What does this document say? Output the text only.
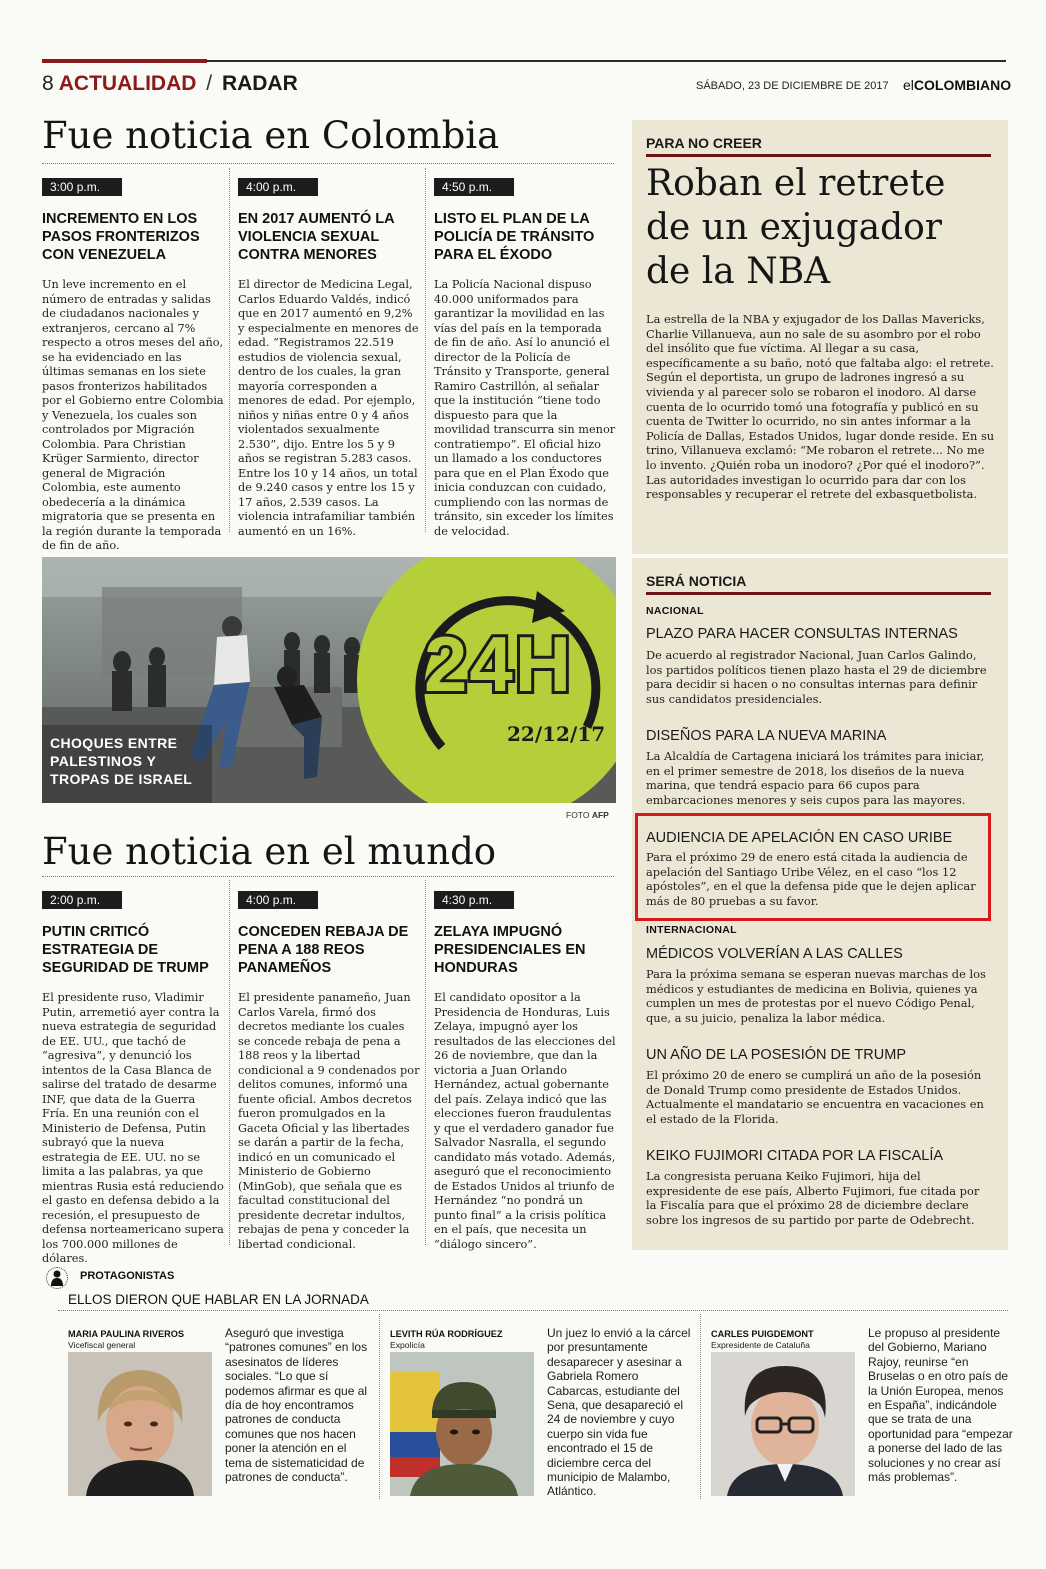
8 ACTUALIDAD / RADAR	SÁBADO, 23 DE DICIEMBRE DE 2017 elCOLOMBIANO
Fue noticia en Colombia
3:00 p.m.
INCREMENTO EN LOS PASOS FRONTERIZOS CON VENEZUELA

Un leve incremento en el número de entradas y salidas de ciudadanos nacionales y extranjeros, cercano al 7% respecto a otros meses del año, se ha evidenciado en las últimas semanas en los siete pasos fronterizos habilitados por el Gobierno entre Colombia y Venezuela, los cuales son controlados por Migración Colombia. Para Christian Krüger Sarmiento, director general de Migración Colombia, este aumento obedecería a la dinámica migratoria que se presenta en la región durante la temporada de fin de año.

4:00 p.m.
EN 2017 AUMENTÓ LA VIOLENCIA SEXUAL CONTRA MENORES

El director de Medicina Legal, Carlos Eduardo Valdés, indicó que en 2017 aumentó en 9,2% y especialmente en menores de edad. “Registramos 22.519 estudios de violencia sexual, dentro de los cuales, la gran mayoría corresponden a menores de edad. Por ejemplo, niños y niñas entre 0 y 4 años violentados sexualmente 2.530”, dijo. Entre los 5 y 9 años se registran 5.283 casos. Entre los 10 y 14 años, un total de 9.240 casos y entre los 15 y 17 años, 2.539 casos. La violencia intrafamiliar también aumentó en un 16%.

4:50 p.m.
LISTO EL PLAN DE LA POLICÍA DE TRÁNSITO PARA EL ÉXODO

La Policía Nacional dispuso 40.000 uniformados para garantizar la movilidad en las vías del país en la temporada de fin de año. Así lo anunció el director de la Policía de Tránsito y Transporte, general Ramiro Castrillón, al señalar que la institución “tiene todo dispuesto para que la movilidad transcurra sin menor contratiempo”. El oficial hizo un llamado a los conductores para que en el Plan Éxodo que inicia conduzcan con cuidado, cumpliendo con las normas de tránsito, sin exceder los límites de velocidad.

24H
22/12/17
CHOQUES ENTRE
PALESTINOS Y
TROPAS DE ISRAEL
FOTO AFP
Fue noticia en el mundo
2:00 p.m.
PUTIN CRITICÓ ESTRATEGIA DE SEGURIDAD DE TRUMP

El presidente ruso, Vladimir Putin, arremetió ayer contra la nueva estrategia de seguridad de EE. UU., que tachó de “agresiva”, y denunció los intentos de la Casa Blanca de salirse del tratado de desarme INF, que data de la Guerra Fría. En una reunión con el Ministerio de Defensa, Putin subrayó que la nueva estrategia de EE. UU. no se limita a las palabras, ya que mientras Rusia está reduciendo el gasto en defensa debido a la recesión, el presupuesto de defensa norteamericano supera los 700.000 millones de dólares.

4:00 p.m.
CONCEDEN REBAJA DE PENA A 188 REOS PANAMEÑOS

El presidente panameño, Juan Carlos Varela, firmó dos decretos mediante los cuales se concede rebaja de pena a 188 reos y la libertad condicional a 9 condenados por delitos comunes, informó una fuente oficial. Ambos decretos fueron promulgados en la Gaceta Oficial y las libertades se darán a partir de la fecha, indicó en un comunicado el Ministerio de Gobierno (MinGob), que señala que es facultad constitucional del presidente decretar indultos, rebajas de pena y conceder la libertad condicional.

4:30 p.m.
ZELAYA IMPUGNÓ PRESIDENCIALES EN HONDURAS

El candidato opositor a la Presidencia de Honduras, Luis Zelaya, impugnó ayer los resultados de las elecciones del 26 de noviembre, que dan la victoria a Juan Orlando Hernández, actual gobernante del país. Zelaya indicó que las elecciones fueron fraudulentas y que el verdadero ganador fue Salvador Nasralla, el segundo candidato más votado. Además, aseguró que el reconocimiento de Estados Unidos al triunfo de Hernández “no pondrá un punto final” a la crisis política en el país, que necesita un “diálogo sincero”.

PARA NO CREER
Roban el retrete
de un exjugador
de la NBA

La estrella de la NBA y exjugador de los Dallas Mavericks, Charlie Villanueva, aun no sale de su asombro por el robo del insólito que fue víctima. Al llegar a su casa, específicamente a su baño, notó que faltaba algo: el retrete. Según el deportista, un grupo de ladrones ingresó a su vivienda y al parecer solo se robaron el inodoro. Al darse cuenta de lo ocurrido tomó una fotografía y publicó en su cuenta de Twitter lo ocurrido, no sin antes informar a la Policía de Dallas, Estados Unidos, lugar donde reside. En su trino, Villanueva exclamó: “Me robaron el retrete... No me lo invento. ¿Quién roba un inodoro? ¿Por qué el inodoro?”. Las autoridades investigan lo ocurrido para dar con los responsables y recuperar el retrete del exbasquetbolista.

SERÁ NOTICIA
NACIONAL
PLAZO PARA HACER CONSULTAS INTERNAS

De acuerdo al registrador Nacional, Juan Carlos Galindo, los partidos políticos tienen plazo hasta el 29 de diciembre para decidir si hacen o no consultas internas para definir sus candidatos presidenciales.

DISEÑOS PARA LA NUEVA MARINA

La Alcaldía de Cartagena iniciará los trámites para iniciar, en el primer semestre de 2018, los diseños de la nueva marina, que tendrá espacio para 66 cupos para embarcaciones menores y seis cupos para las mayores.

AUDIENCIA DE APELACIÓN EN CASO URIBE

Para el próximo 29 de enero está citada la audiencia de apelación del Santiago Uribe Vélez, en el caso “los 12 apóstoles”, en el que la defensa pide que le dejen aplicar más de 80 pruebas a su favor.

INTERNACIONAL
MÉDICOS VOLVERÍAN A LAS CALLES

Para la próxima semana se esperan nuevas marchas de los médicos y estudiantes de medicina en Bolivia, quienes ya cumplen un mes de protestas por el nuevo Código Penal, que, a su juicio, penaliza la labor médica.

UN AÑO DE LA POSESIÓN DE TRUMP

El próximo 20 de enero se cumplirá un año de la posesión de Donald Trump como presidente de Estados Unidos. Actualmente el mandatario se encuentra en vacaciones en el estado de la Florida.

KEIKO FUJIMORI CITADA POR LA FISCALÍA

La congresista peruana Keiko Fujimori, hija del expresidente de ese país, Alberto Fujimori, fue citada por la Fiscalía para que el próximo 28 de diciembre declare sobre los ingresos de su partido por parte de Odebrecht.

PROTAGONISTAS
ELLOS DIERON QUE HABLAR EN LA JORNADA
MARIA PAULINA RIVEROS
Vicefiscal general

Aseguró que investiga “patrones comunes” en los asesinatos de líderes sociales. “Lo que sí podemos afirmar es que al día de hoy encontramos patrones de conducta comunes que nos hacen poner la atención en el tema de sistematicidad de patrones de conducta”.

LEVITH RÚA RODRÍGUEZ
Expolicía

Un juez lo envió a la cárcel por presuntamente desaparecer y asesinar a Gabriela Romero Cabarcas, estudiante del Sena, que desapareció el 24 de noviembre y cuyo cuerpo sin vida fue encontrado el 15 de diciembre cerca del municipio de Malambo, Atlántico.

CARLES PUIGDEMONT
Expresidente de Cataluña

Le propuso al presidente del Gobierno, Mariano Rajoy, reunirse “en Bruselas o en otro país de la Unión Europea, menos en España”, indicándole que se trata de una oportunidad para “empezar a ponerse del lado de las soluciones y no crear así más problemas”.
